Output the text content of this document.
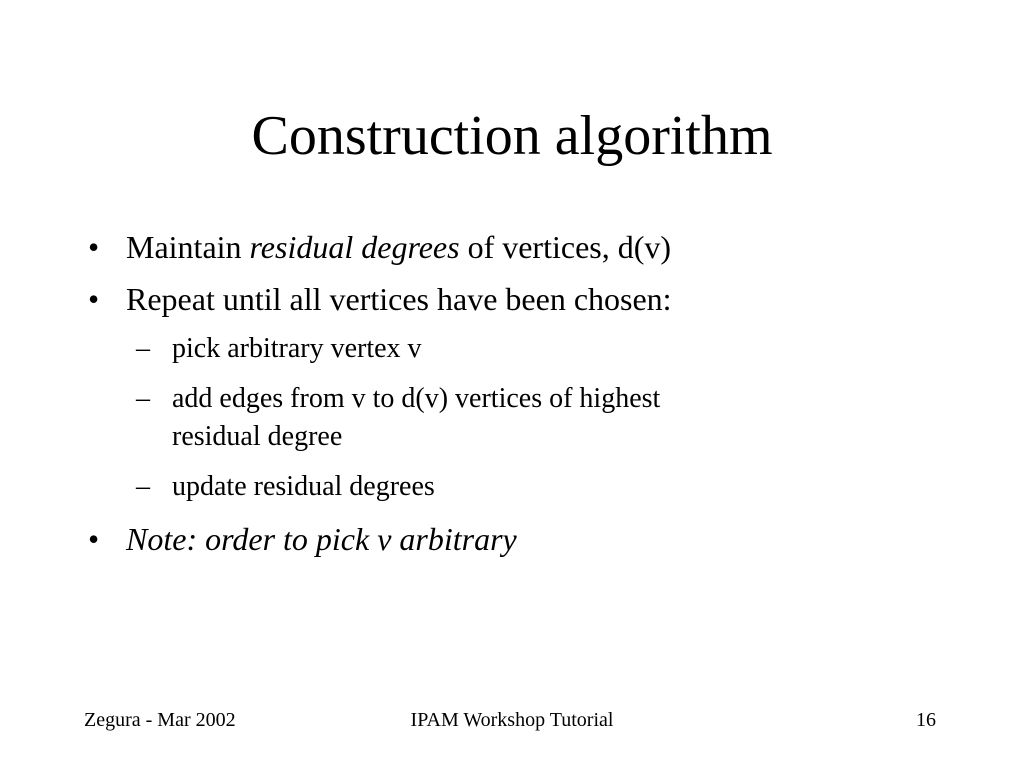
Construction algorithm
• Maintain residual degrees of vertices, d(v)
• Repeat until all vertices have been chosen:
– pick arbitrary vertex v
– add edges from v to d(v) vertices of highest residual degree
– update residual degrees
• Note: order to pick v arbitrary
IPAM Workshop Tutorial
Zegura - Mar 2002	16
